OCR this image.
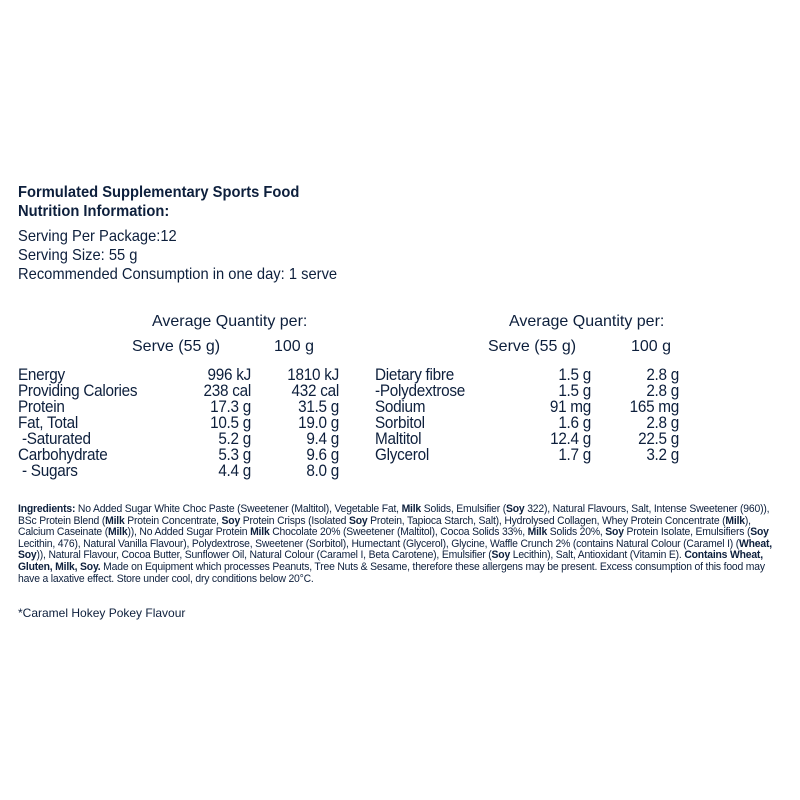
Formulated Supplementary Sports Food
Nutrition Information:
Serving Per Package:12
Serving Size: 55 g
Recommended Consumption in one day: 1 serve
Average Quantity per:
Serve (55 g)	100 g
Average Quantity per:
Serve (55 g)	100 g
Energy	996 kJ	1810 kJ
Providing Calories	238 cal	432 cal
Protein	17.3 g	31.5 g
Fat, Total	10.5 g	19.0 g
-Saturated	5.2 g	9.4 g
Carbohydrate	5.3 g	9.6 g
- Sugars	4.4 g	8.0 g
Dietary fibre	1.5 g	2.8 g
-Polydextrose	1.5 g	2.8 g
Sodium	91 mg	165 mg
Sorbitol	1.6 g	2.8 g
Maltitol	12.4 g	22.5 g
Glycerol	1.7 g	3.2 g
Ingredients: No Added Sugar White Choc Paste (Sweetener (Maltitol), Vegetable Fat, Milk Solids, Emulsifier (Soy 322), Natural Flavours, Salt, Intense Sweetener (960)), BSc Protein Blend (Milk Protein Concentrate, Soy Protein Crisps (Isolated Soy Protein, Tapioca Starch, Salt), Hydrolysed Collagen, Whey Protein Concentrate (Milk), Calcium Caseinate (Milk)), No Added Sugar Protein Milk Chocolate 20% (Sweetener (Maltitol), Cocoa Solids 33%, Milk Solids 20%, Soy Protein Isolate, Emulsifiers (Soy Lecithin, 476), Natural Vanilla Flavour), Polydextrose, Sweetener (Sorbitol), Humectant (Glycerol), Glycine, Waffle Crunch 2% (contains Natural Colour (Caramel I) (Wheat, Soy)), Natural Flavour, Cocoa Butter, Sunflower Oil, Natural Colour (Caramel I, Beta Carotene), Emulsifier (Soy Lecithin), Salt, Antioxidant (Vitamin E). Contains Wheat, Gluten, Milk, Soy. Made on Equipment which processes Peanuts, Tree Nuts & Sesame, therefore these allergens may be present. Excess consumption of this food may have a laxative effect. Store under cool, dry conditions below 20°C.
*Caramel Hokey Pokey Flavour
